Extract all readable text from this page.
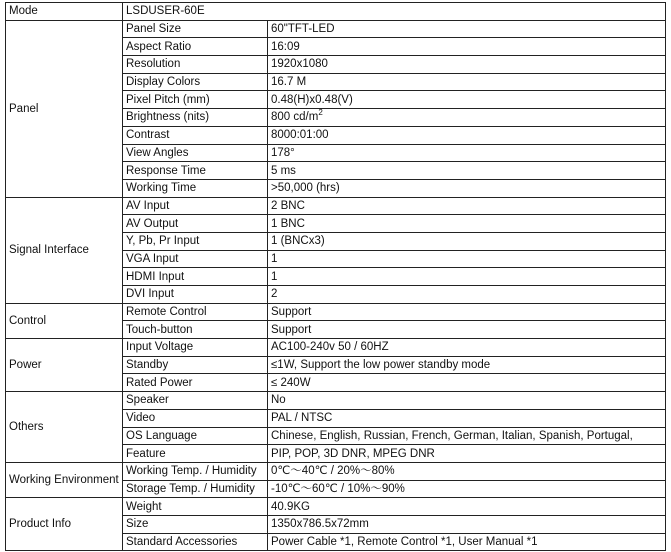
Mode	LSDUSER-60E	
Panel	Panel Size	60"TFT-LED
	Aspect Ratio	16:09
	Resolution	1920x1080
	Display Colors	16.7 M
	Pixel Pitch (mm)	0.48(H)x0.48(V)
	Brightness (nits)	800 $cd/m^2$
	Contrast	8000:01:00
	View Angles	178°
	Response Time	5 ms
	Working Time	>50,000 (hrs)
Signal Interface	AV Input	2 BNC
	AV Output	1 BNC
	Y, Pb, Pr Input	1 (BNCx3)
	VGA Input	1
	HDMI Input	1
	DVI Input	2
Control	Remote Control	Support
	Touch-button	Support
Power	Input Voltage	AC100-240v 50 / 60HZ
	Standby	≤1W, Support the low power standby mode
	Rated Power	≤ 240W
Others	Speaker	No
	Video	PAL / NTSC
	OS Language	Chinese, English, Russian, French, German, Italian, Spanish, Portugal,
	Feature	PIP, POP, 3D DNR, MPEG DNR
Working Environment	Working Temp. / Humidity	0℃～40℃ / 20%～80%
	Storage Temp. / Humidity	-10℃～60℃ / 10%～90%
Product Info	Weight	40.9KG
	Size	1350x786.5x72mm
	Standard Accessories	Power Cable *1, Remote Control *1, User Manual *1
